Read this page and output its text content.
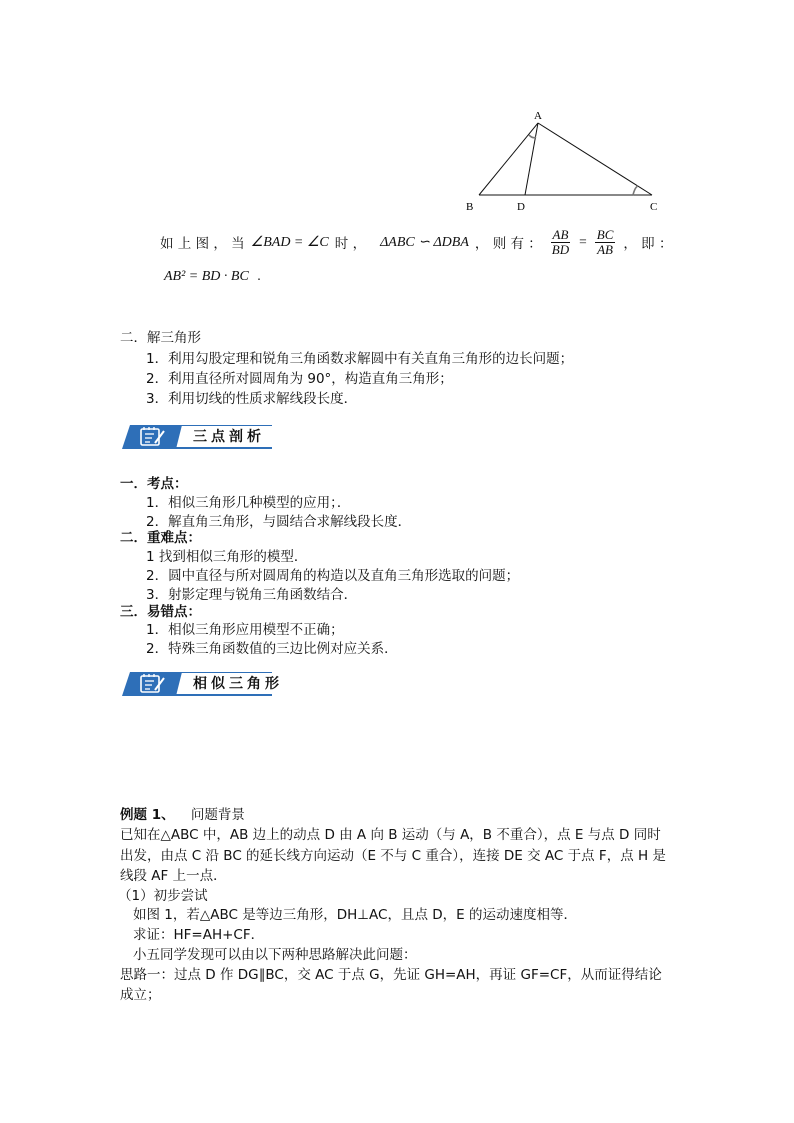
A
B	D	C
如 上 图 ， 当 ∠BAD = ∠C 时 ， ΔABC ∽ ΔDBA ， 则 有 ： $\frac{AB}{BD} = \frac{BC}{AB}$ ， 即 ：
AB² = BD · BC .
二．解三角形
1．利用勾股定理和锐角三角函数求解圆中有关直角三角形的边长问题；
2．利用直径所对圆周角为 90°，构造直角三角形；
3．利用切线的性质求解线段长度．
三点剖析
一．考点：
1．相似三角形几种模型的应用；．
2．解直角三角形，与圆结合求解线段长度．
二．重难点：
1 找到相似三角形的模型．
2．圆中直径与所对圆周角的构造以及直角三角形选取的问题；
3．射影定理与锐角三角函数结合．
三．易错点：
1．相似三角形应用模型不正确；
2．特殊三角函数值的三边比例对应关系．
相似三角形
例题 1、 问题背景
已知在△ABC 中，AB 边上的动点 D 由 A 向 B 运动（与 A，B 不重合），点 E 与点 D 同时
出发，由点 C 沿 BC 的延长线方向运动（E 不与 C 重合），连接 DE 交 AC 于点 F，点 H 是
线段 AF 上一点．
（1）初步尝试
如图 1，若△ABC 是等边三角形，DH⊥AC，且点 D，E 的运动速度相等．
求证：HF=AH+CF．
小五同学发现可以由以下两种思路解决此问题：
思路一：过点 D 作 DG∥BC，交 AC 于点 G，先证 GH=AH，再证 GF=CF，从而证得结论
成立；
